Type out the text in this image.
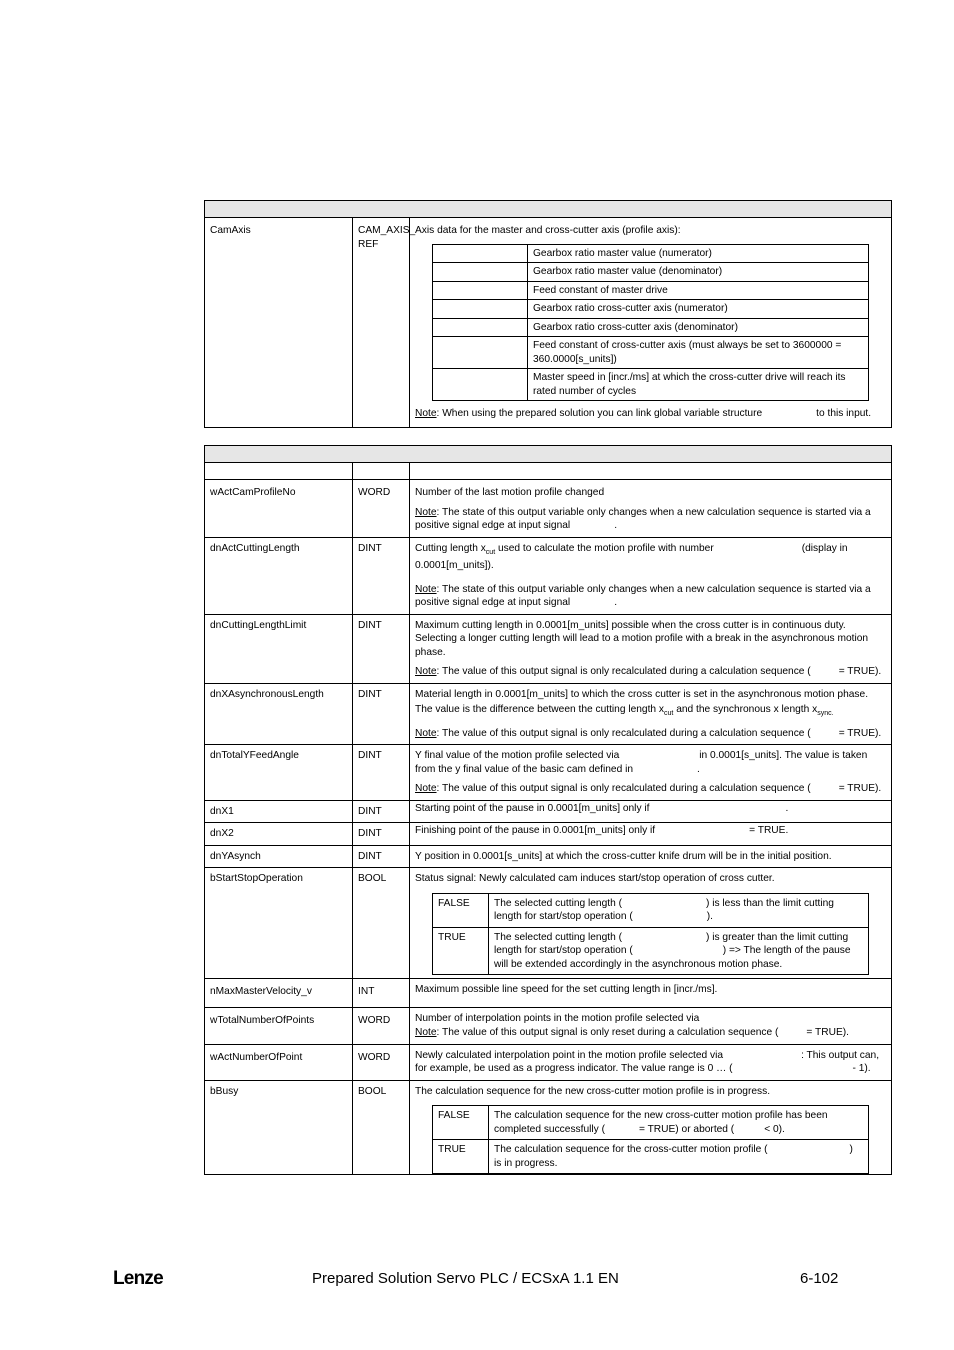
CamAxis	CAM_AXIS_ REF	

Axis data for the master and cross-cutter axis (profile axis):

	Gearbox ratio master value (numerator)
	Gearbox ratio master value (denominator)
	Feed constant of master drive
	Gearbox ratio cross-cutter axis (numerator)
	Gearbox ratio cross-cutter axis (denominator)
	Feed constant of cross-cutter axis (must always be set to 3600000 = 360.0000[s_units])
	Master speed in [incr./ms] at which the cross-cutter drive will reach its rated number of cycles

Note: When using the prepared solution you can link global variable structure	to this input.

wActCamProfileNo	WORD	Number of the last motion profile changed

Note: The state of this output variable only changes when a new calculation sequence is started via a positive signal edge at input signal	.

dnActCuttingLength	DINT	Cutting length $x_{cut}$ used to calculate the motion profile with number	(display in 0.0001[m_units]).

Note: The state of this output variable only changes when a new calculation sequence is started via a positive signal edge at input signal	.

dnCuttingLengthLimit	DINT	Maximum cutting length in 0.0001[m_units] possible when the cross cutter is in continuous duty. Selecting a longer cutting length will lead to a motion profile with a break in the asynchronous motion phase.

Note: The value of this output signal is only recalculated during a calculation sequence (	= TRUE).

dnXAsynchronousLength	DINT	Material length in 0.0001[m_units] to which the cross cutter is set in the asynchronous motion phase.

The value is the difference between the cutting length $x_{cut}$ and the synchronous x length $x_{sync.}$

Note: The value of this output signal is only recalculated during a calculation sequence (	= TRUE).

dnTotalYFeedAngle	DINT	Y final value of the motion profile selected via	in 0.0001[s_units]. The value is taken from the y final value of the basic cam defined in	.

Note: The value of this output signal is only recalculated during a calculation sequence (	= TRUE).

dnX1	DINT	Starting point of the pause in 0.0001[m_units] only if	.
dnX2	DINT	Finishing point of the pause in 0.0001[m_units] only if	= TRUE.
dnYAsynch	DINT	Y position in 0.0001[s_units] at which the cross-cutter knife drum will be in the initial position.
bStartStopOperation	BOOL	Status signal: Newly calculated cam induces start/stop operation of cross cutter.

FALSE	The selected cutting length (	) is less than the limit cutting length for start/stop operation (	).
TRUE	The selected cutting length (	) is greater than the limit cutting length for start/stop operation (	) => The length of the pause will be extended accordingly in the asynchronous motion phase.

nMaxMasterVelocity_v	INT	Maximum possible line speed for the set cutting length in [incr./ms].
wTotalNumberOfPoints	WORD	Number of interpolation points in the motion profile selected via

Note: The value of this output signal is only reset during a calculation sequence (	= TRUE).

wActNumberOfPoint	WORD	Newly calculated interpolation point in the motion profile selected via	: This output can, for example, be used as a progress indicator. The value range is 0 … (	- 1).
bBusy	BOOL	The calculation sequence for the new cross-cutter motion profile is in progress.

FALSE	The calculation sequence for the new cross-cutter motion profile has been completed successfully (	= TRUE) or aborted (	< 0).
TRUE	The calculation sequence for the cross-cutter motion profile (	) is in progress.
Lenze	Prepared Solution Servo PLC / ECSxA 1.1 EN	6-102
